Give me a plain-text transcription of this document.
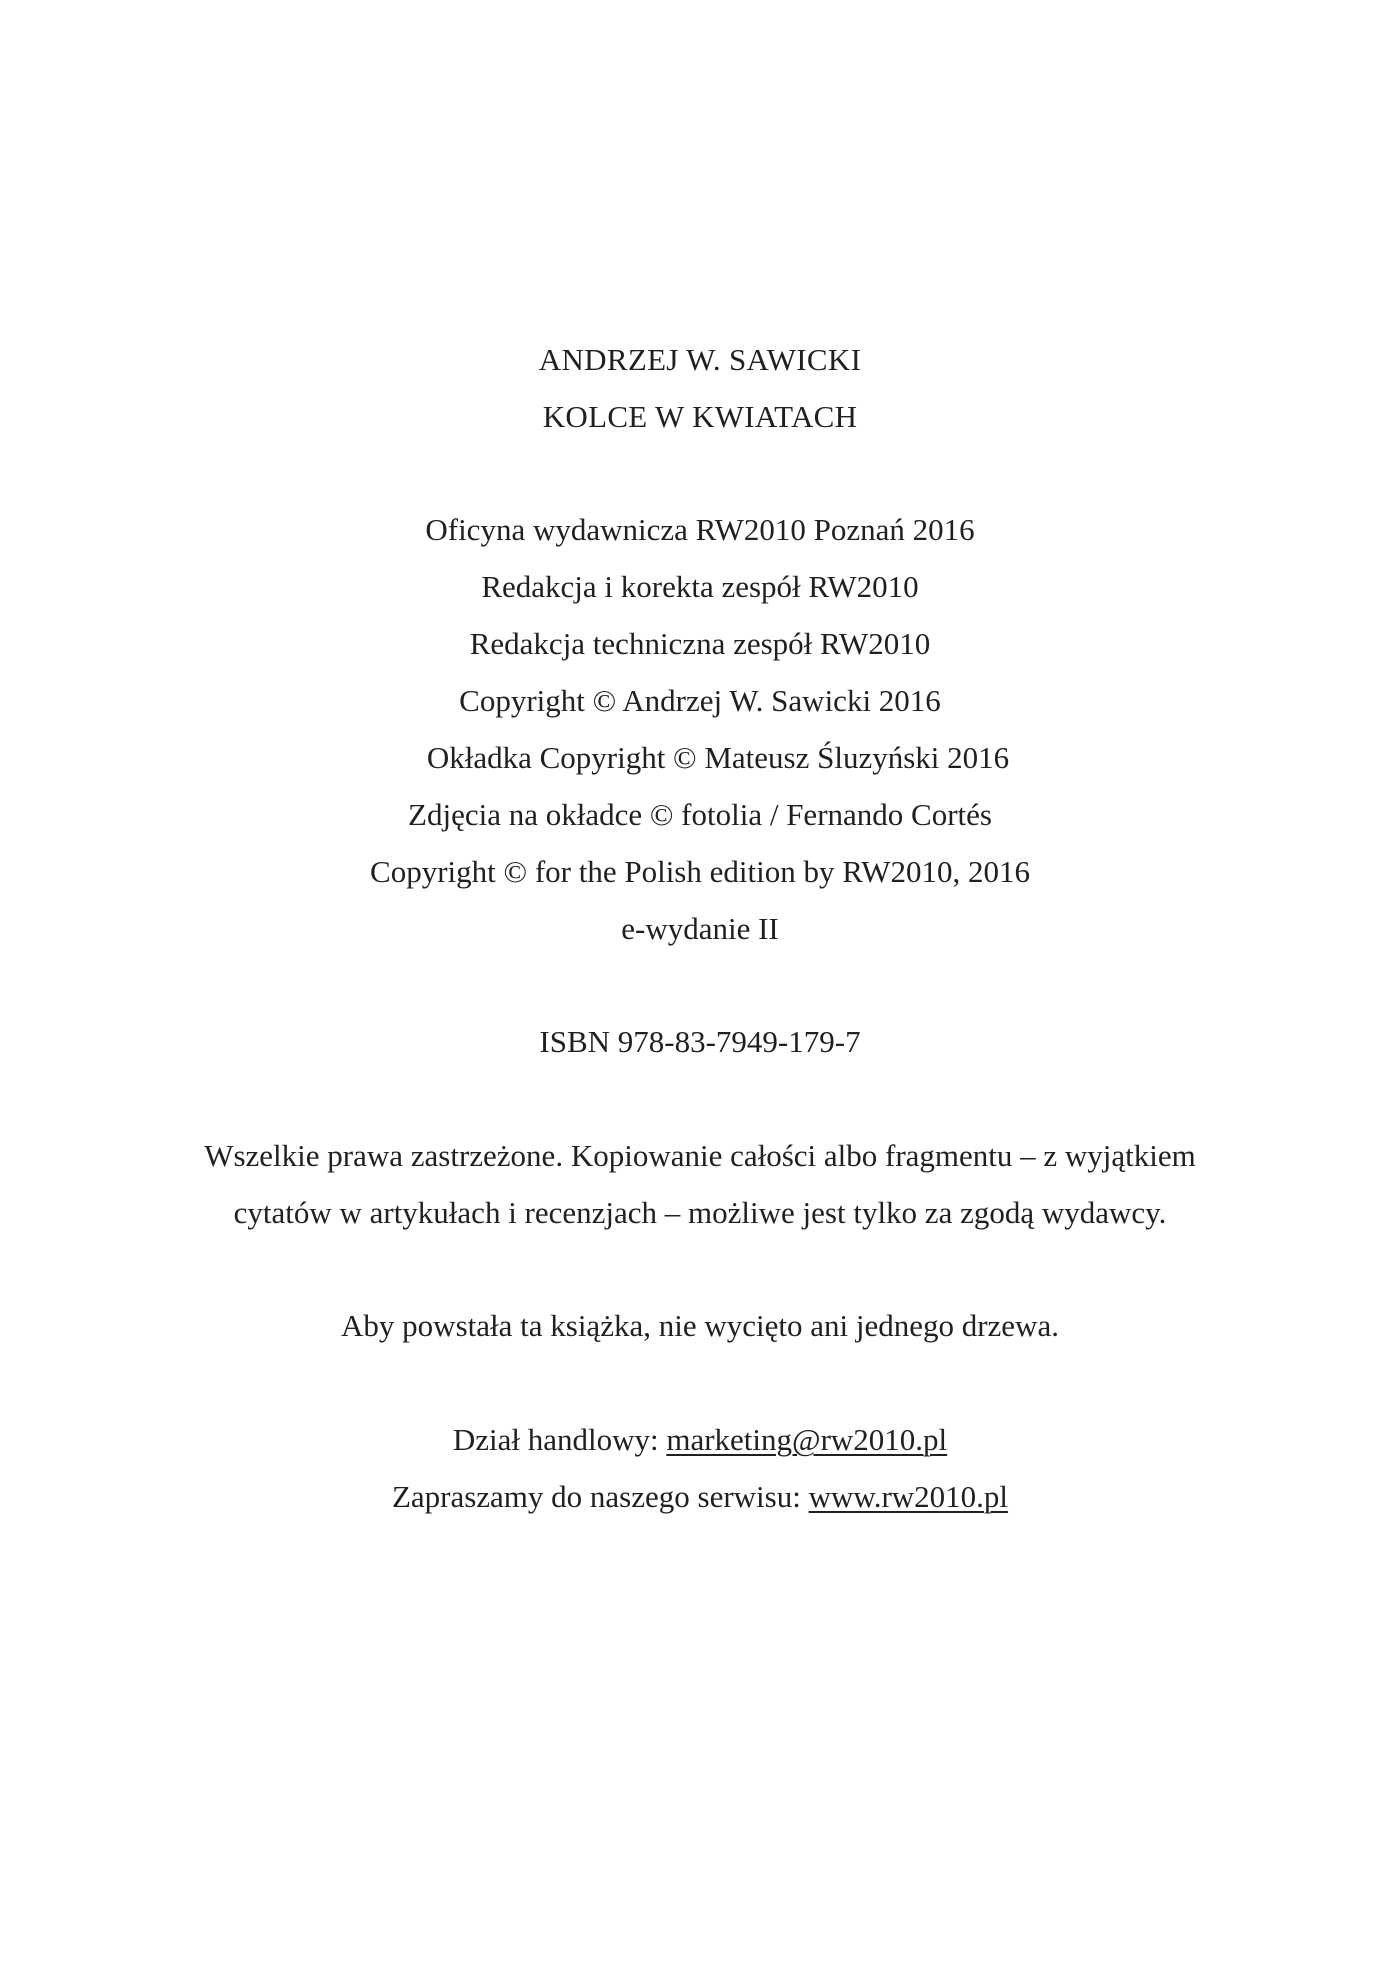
ANDRZEJ W. SAWICKI
KOLCE W KWIATACH
Oficyna wydawnicza RW2010 Poznań 2016
Redakcja i korekta zespół RW2010
Redakcja techniczna zespół RW2010
Copyright © Andrzej W. Sawicki 2016
Okładka Copyright © Mateusz Śluzyński 2016
Zdjęcia na okładce © fotolia / Fernando Cortés
Copyright © for the Polish edition by RW2010, 2016
e-wydanie II
ISBN 978-83-7949-179-7
Wszelkie prawa zastrzeżone. Kopiowanie całości albo fragmentu – z wyjątkiem
cytatów w artykułach i recenzjach – możliwe jest tylko za zgodą wydawcy.
Aby powstała ta książka, nie wycięto ani jednego drzewa.
Dział handlowy: marketing@rw2010.pl
Zapraszamy do naszego serwisu: www.rw2010.pl
